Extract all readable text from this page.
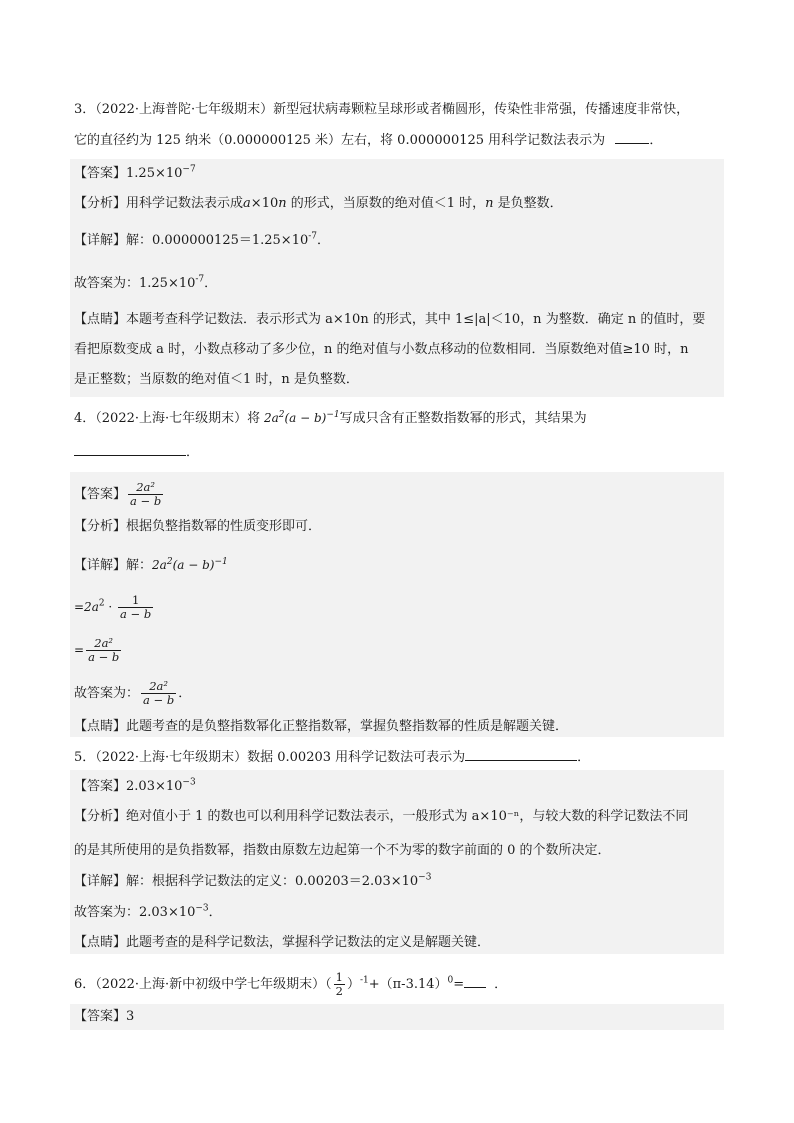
3．（2022·上海普陀·七年级期末）新型冠状病毒颗粒呈球形或者椭圆形，传染性非常强，传播速度非常快，
它的直径约为 125 纳米（0.000000125 米）左右，将 0.000000125 用科学记数法表示为	．
【答案】$1.25\times 10^{-7}$
【分析】用科学记数法表示成a×10n 的形式，当原数的绝对值＜1 时，n 是负整数．
【详解】解：$0.000000125=1.25\times 10^{-7}$．
故答案为：$1.25\times 10^{-7}$．
【点睛】本题考查科学记数法．表示形式为 a×10n 的形式，其中 1≤|a|＜10，n 为整数．确定 n 的值时，要
看把原数变成 a 时，小数点移动了多少位，n 的绝对值与小数点移动的位数相同．当原数绝对值≥10 时，n
是正整数；当原数的绝对值＜1 时，n 是负整数．
4．（2022·上海·七年级期末）将 $2a^2(a - b)^{-1}$写成只含有正整数指数幂的形式，其结果为
．
【答案】 $\frac{\text{2a²}}{a - b}$
【分析】根据负整指数幂的性质变形即可．
【详解】解：$2a^2(a - b)^{-1}$
$=2a^2 \cdot \frac{1}{a - b}$
= $\frac{\text{2a²}}{a - b}$
故答案为： $\frac{\text{2a²}}{a - b}$ ．
【点睛】此题考查的是负整指数幂化正整指数幂，掌握负整指数幂的性质是解题关键．
5．（2022·上海·七年级期末）数据 0.00203 用科学记数法可表示为	．
【答案】$2.03\times 10^{-3}$
【分析】绝对值小于 1 的数也可以利用科学记数法表示，一般形式为 a×10⁻ⁿ，与较大数的科学记数法不同
的是其所使用的是负指数幂，指数由原数左边起第一个不为零的数字前面的 0 的个数所决定．
【详解】解：根据科学记数法的定义：$0.00203=2.03\times 10^{-3}$
故答案为：$2.03\times 10^{-3}$．
【点睛】此题考查的是科学记数法，掌握科学记数法的定义是解题关键．
6．（2022·上海·新中初级中学七年级期末）（ $\frac{1}{2} )^{-1}+(\pi-3.14)^0=$ ．
【答案】3
